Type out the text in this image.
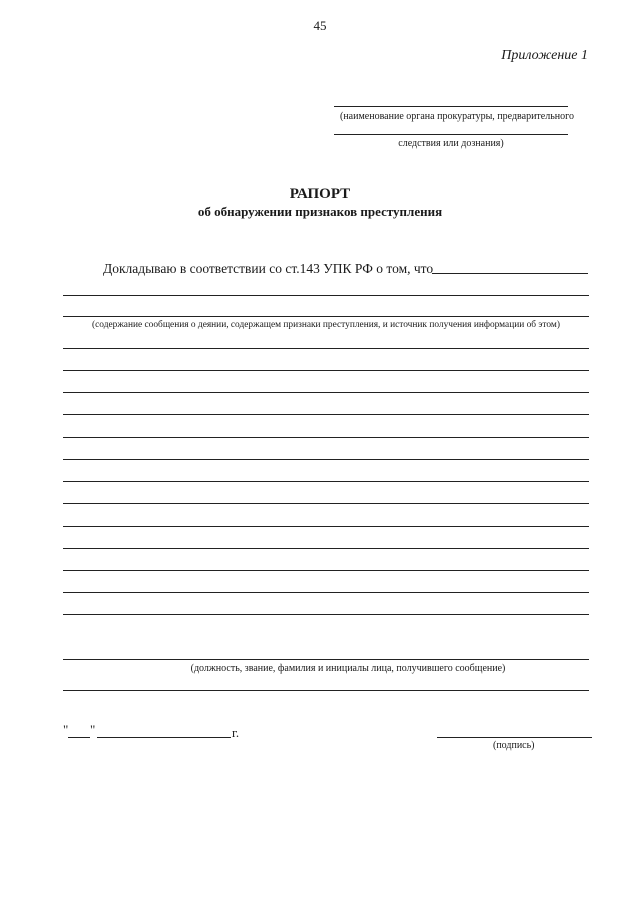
45
Приложение 1
(наименование органа прокуратуры, предварительного
следствия или дознания)
РАПОРТ
об обнаружении признаков преступления
Докладываю в соответствии со ст.143 УПК РФ о том, что
(содержание сообщения о деянии, содержащем признаки преступления, и источник получения информации об этом)
(должность, звание, фамилия и инициалы лица, получившего сообщение)
" "	г.
(подпись)
